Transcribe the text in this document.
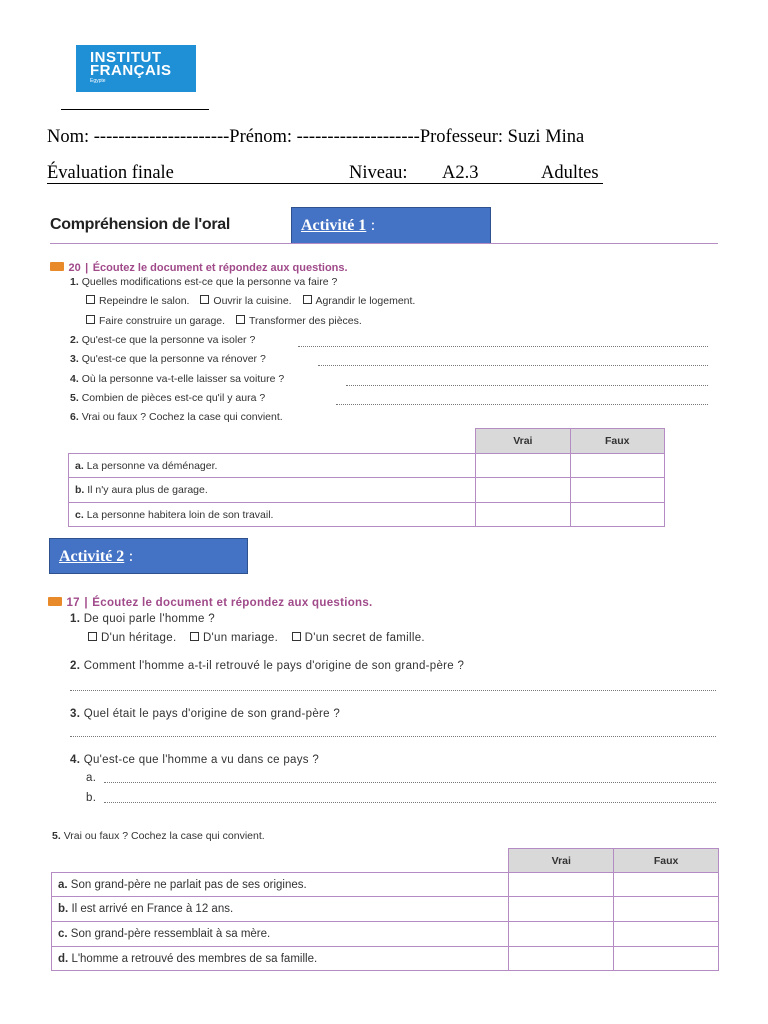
INSTITUT
FRANÇAIS
Egypte
Nom: ----------------------Prénom: --------------------Professeur: Suzi Mina
Évaluation finale	Niveau: A2.3	Adultes
Compréhension de l'oral	Activité 1 :
20 | Écoutez le document et répondez aux questions.
1. Quelles modifications est-ce que la personne va faire ?
Repeindre le salon. Ouvrir la cuisine. Agrandir le logement.
Faire construire un garage. Transformer des pièces.
2. Qu'est-ce que la personne va isoler ?
3. Qu'est-ce que la personne va rénover ?
4. Où la personne va-t-elle laisser sa voiture ?
5. Combien de pièces est-ce qu'il y aura ?
6. Vrai ou faux ? Cochez la case qui convient.
	Vrai	Faux
a. La personne va déménager.		
b. Il n'y aura plus de garage.		
c. La personne habitera loin de son travail.		
Activité 2 :
17 | Écoutez le document et répondez aux questions.
1. De quoi parle l'homme ?
D'un héritage. D'un mariage. D'un secret de famille.
2. Comment l'homme a-t-il retrouvé le pays d'origine de son grand-père ?
3. Quel était le pays d'origine de son grand-père ?
4. Qu'est-ce que l'homme a vu dans ce pays ?
a.
b.
5. Vrai ou faux ? Cochez la case qui convient.
	Vrai	Faux
a. Son grand-père ne parlait pas de ses origines.		
b. Il est arrivé en France à 12 ans.		
c. Son grand-père ressemblait à sa mère.		
d. L'homme a retrouvé des membres de sa famille.		
